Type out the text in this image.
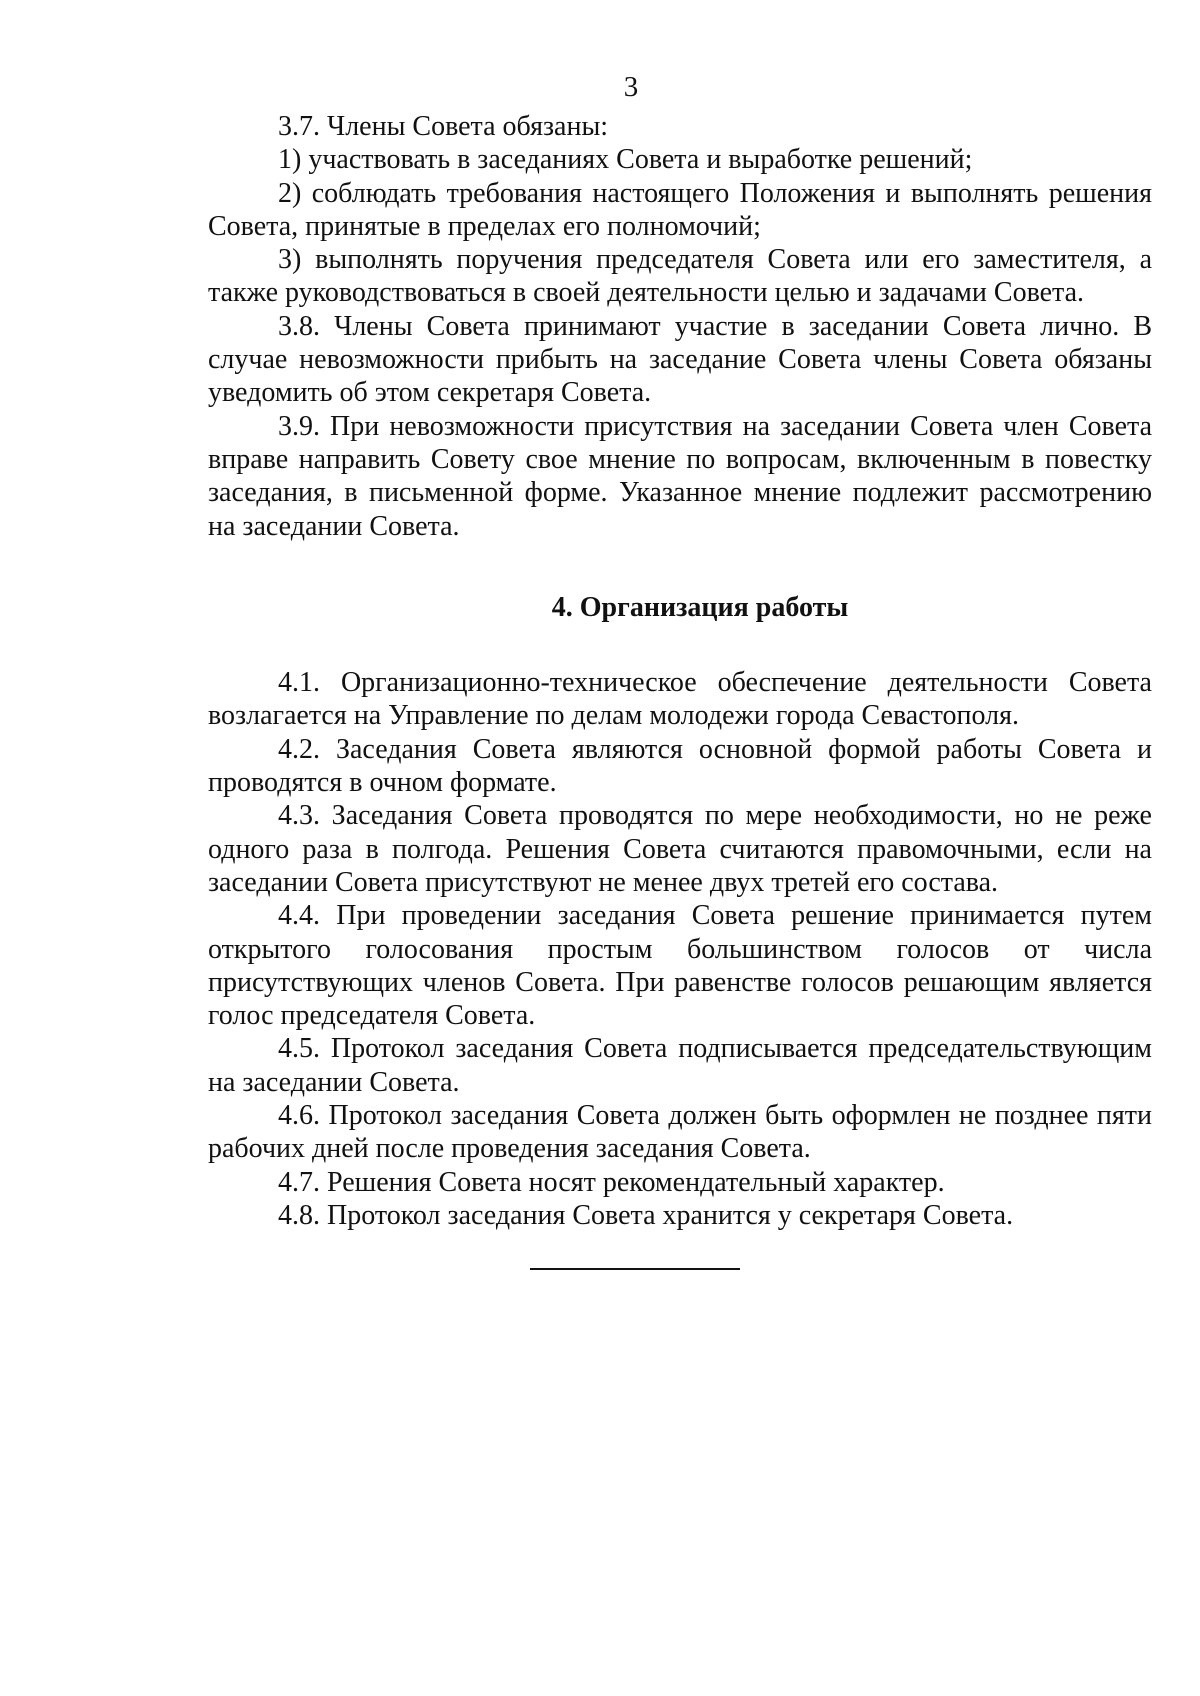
3

3.7. Члены Совета обязаны:

1) участвовать в заседаниях Совета и выработке решений;

2) соблюдать требования настоящего Положения и выполнять решения Совета, принятые в пределах его полномочий;

3) выполнять поручения председателя Совета или его заместителя, а также руководствоваться в своей деятельности целью и задачами Совета.

3.8. Члены Совета принимают участие в заседании Совета лично. В случае невозможности прибыть на заседание Совета члены Совета обязаны уведомить об этом секретаря Совета.

3.9. При невозможности присутствия на заседании Совета член Совета вправе направить Совету свое мнение по вопросам, включенным в повестку заседания, в письменной форме. Указанное мнение подлежит рассмотрению на заседании Совета.

4. Организация работы

4.1. Организационно-техническое обеспечение деятельности Совета возлагается на Управление по делам молодежи города Севастополя.

4.2. Заседания Совета являются основной формой работы Совета и проводятся в очном формате.

4.3. Заседания Совета проводятся по мере необходимости, но не реже одного раза в полгода. Решения Совета считаются правомочными, если на заседании Совета присутствуют не менее двух третей его состава.

4.4. При проведении заседания Совета решение принимается путем открытого голосования простым большинством голосов от числа присутствующих членов Совета. При равенстве голосов решающим является голос председателя Совета.

4.5. Протокол заседания Совета подписывается председательствующим на заседании Совета.

4.6. Протокол заседания Совета должен быть оформлен не позднее пяти рабочих дней после проведения заседания Совета.

4.7. Решения Совета носят рекомендательный характер.

4.8. Протокол заседания Совета хранится у секретаря Совета.
